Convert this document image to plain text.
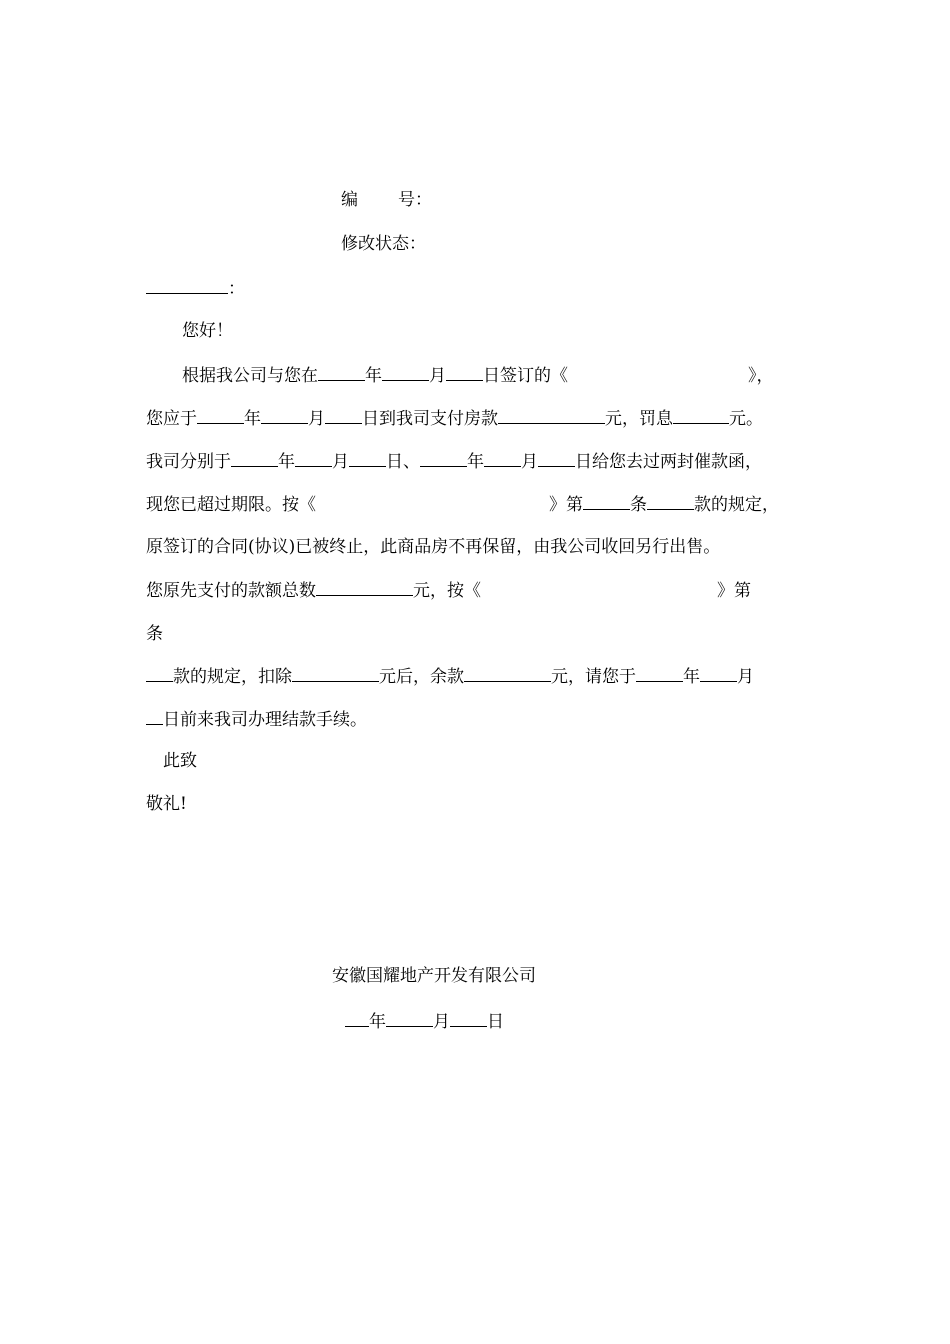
编 号：
修改状态：
：
您好！
根据我公司与您在	年	月 日签订的《	》，
您应于	年	月 日到我司支付房款	元，罚息	元。
我司分别于	年 月 日、	年 月 日给您去过两封催款函，
现您已超过期限。按《	》第	条	款的规定，
原签订的合同(协议)已被终止，此商品房不再保留，由我公司收回另行出售。
您原先支付的款额总数	元，按《	》第
条
款的规定，扣除	元后，余款	元，请您于	年 月
日前来我司办理结款手续。
此致
敬礼!
安徽国耀地产开发有限公司
年	月 日
